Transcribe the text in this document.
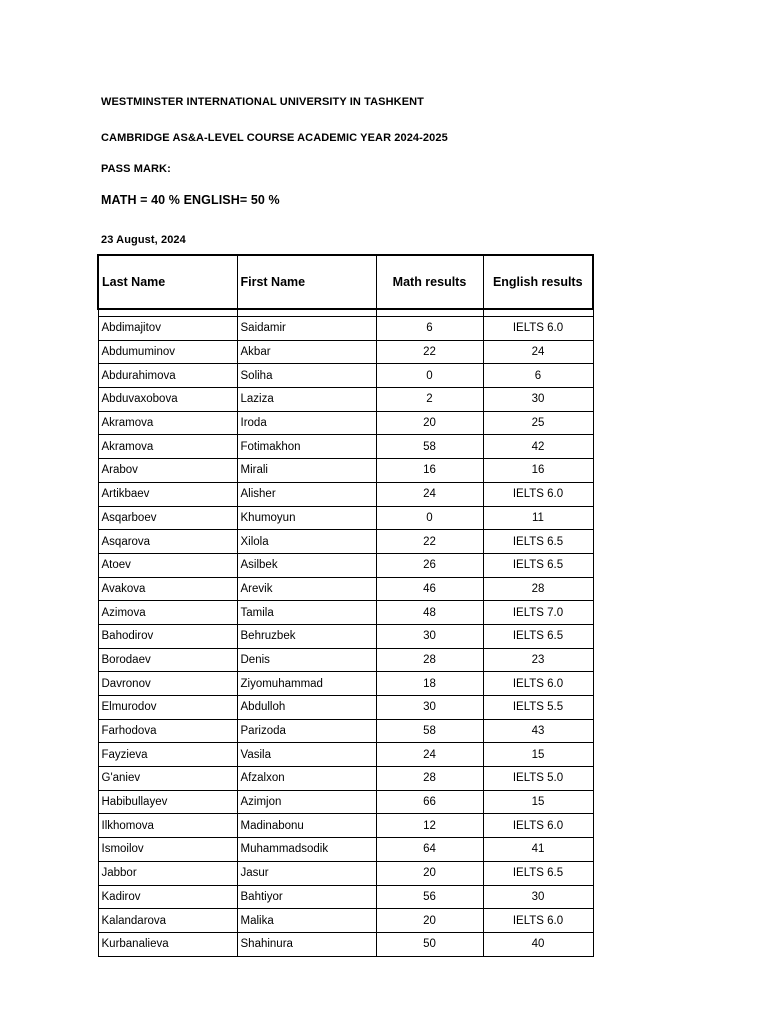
WESTMINSTER INTERNATIONAL UNIVERSITY IN TASHKENT
CAMBRIDGE AS&A-LEVEL COURSE ACADEMIC YEAR 2024-2025
PASS MARK:
MATH = 40 % ENGLISH= 50 %
23 August, 2024
Last Name	First Name	Math results	English results

Abdimajitov	Saidamir	6	IELTS 6.0
Abdumuminov	Akbar	22	24
Abdurahimova	Soliha	0	6
Abduvaxobova	Laziza	2	30
Akramova	Iroda	20	25
Akramova	Fotimakhon	58	42
Arabov	Mirali	16	16
Artikbaev	Alisher	24	IELTS 6.0
Asqarboev	Khumoyun	0	11
Asqarova	Xilola	22	IELTS 6.5
Atoev	Asilbek	26	IELTS 6.5
Avakova	Arevik	46	28
Azimova	Tamila	48	IELTS 7.0
Bahodirov	Behruzbek	30	IELTS 6.5
Borodaev	Denis	28	23
Davronov	Ziyomuhammad	18	IELTS 6.0
Elmurodov	Abdulloh	30	IELTS 5.5
Farhodova	Parizoda	58	43
Fayzieva	Vasila	24	15
G'aniev	Afzalxon	28	IELTS 5.0
Habibullayev	Azimjon	66	15
Ilkhomova	Madinabonu	12	IELTS 6.0
Ismoilov	Muhammadsodik	64	41
Jabbor	Jasur	20	IELTS 6.5
Kadirov	Bahtiyor	56	30
Kalandarova	Malika	20	IELTS 6.0
Kurbanalieva	Shahinura	50	40
